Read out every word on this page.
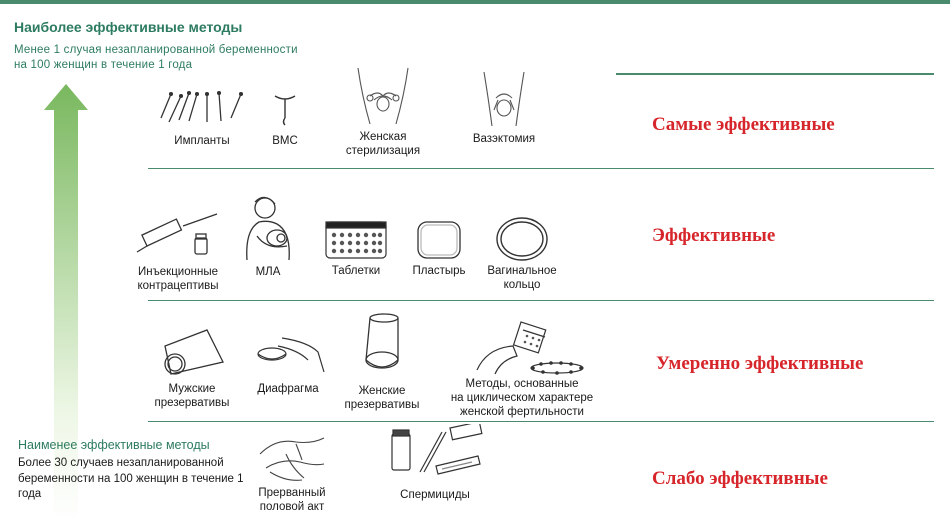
Наиболее эффективные методы
Менее 1 случая незапланированной беременности на 100 женщин в течение 1 года
Самые эффективные
Эффективные
Умеренно эффективные
Слабо эффективные
Импланты	ВМС	Женская
стерилизация
Вазэктомия
Инъекционные
контрацептивы
МЛА	Таблетки	Пластырь	Вагинальное
кольцо
Мужские
презервативы
Диафрагма	Женские
презервативы
Методы, основанные
на циклическом характере
женской фертильности
Прерванный
половой акт
Спермициды
Наименее эффективные методы
Более 30 случаев незапланированной беременности на 100 женщин в течение 1 года
